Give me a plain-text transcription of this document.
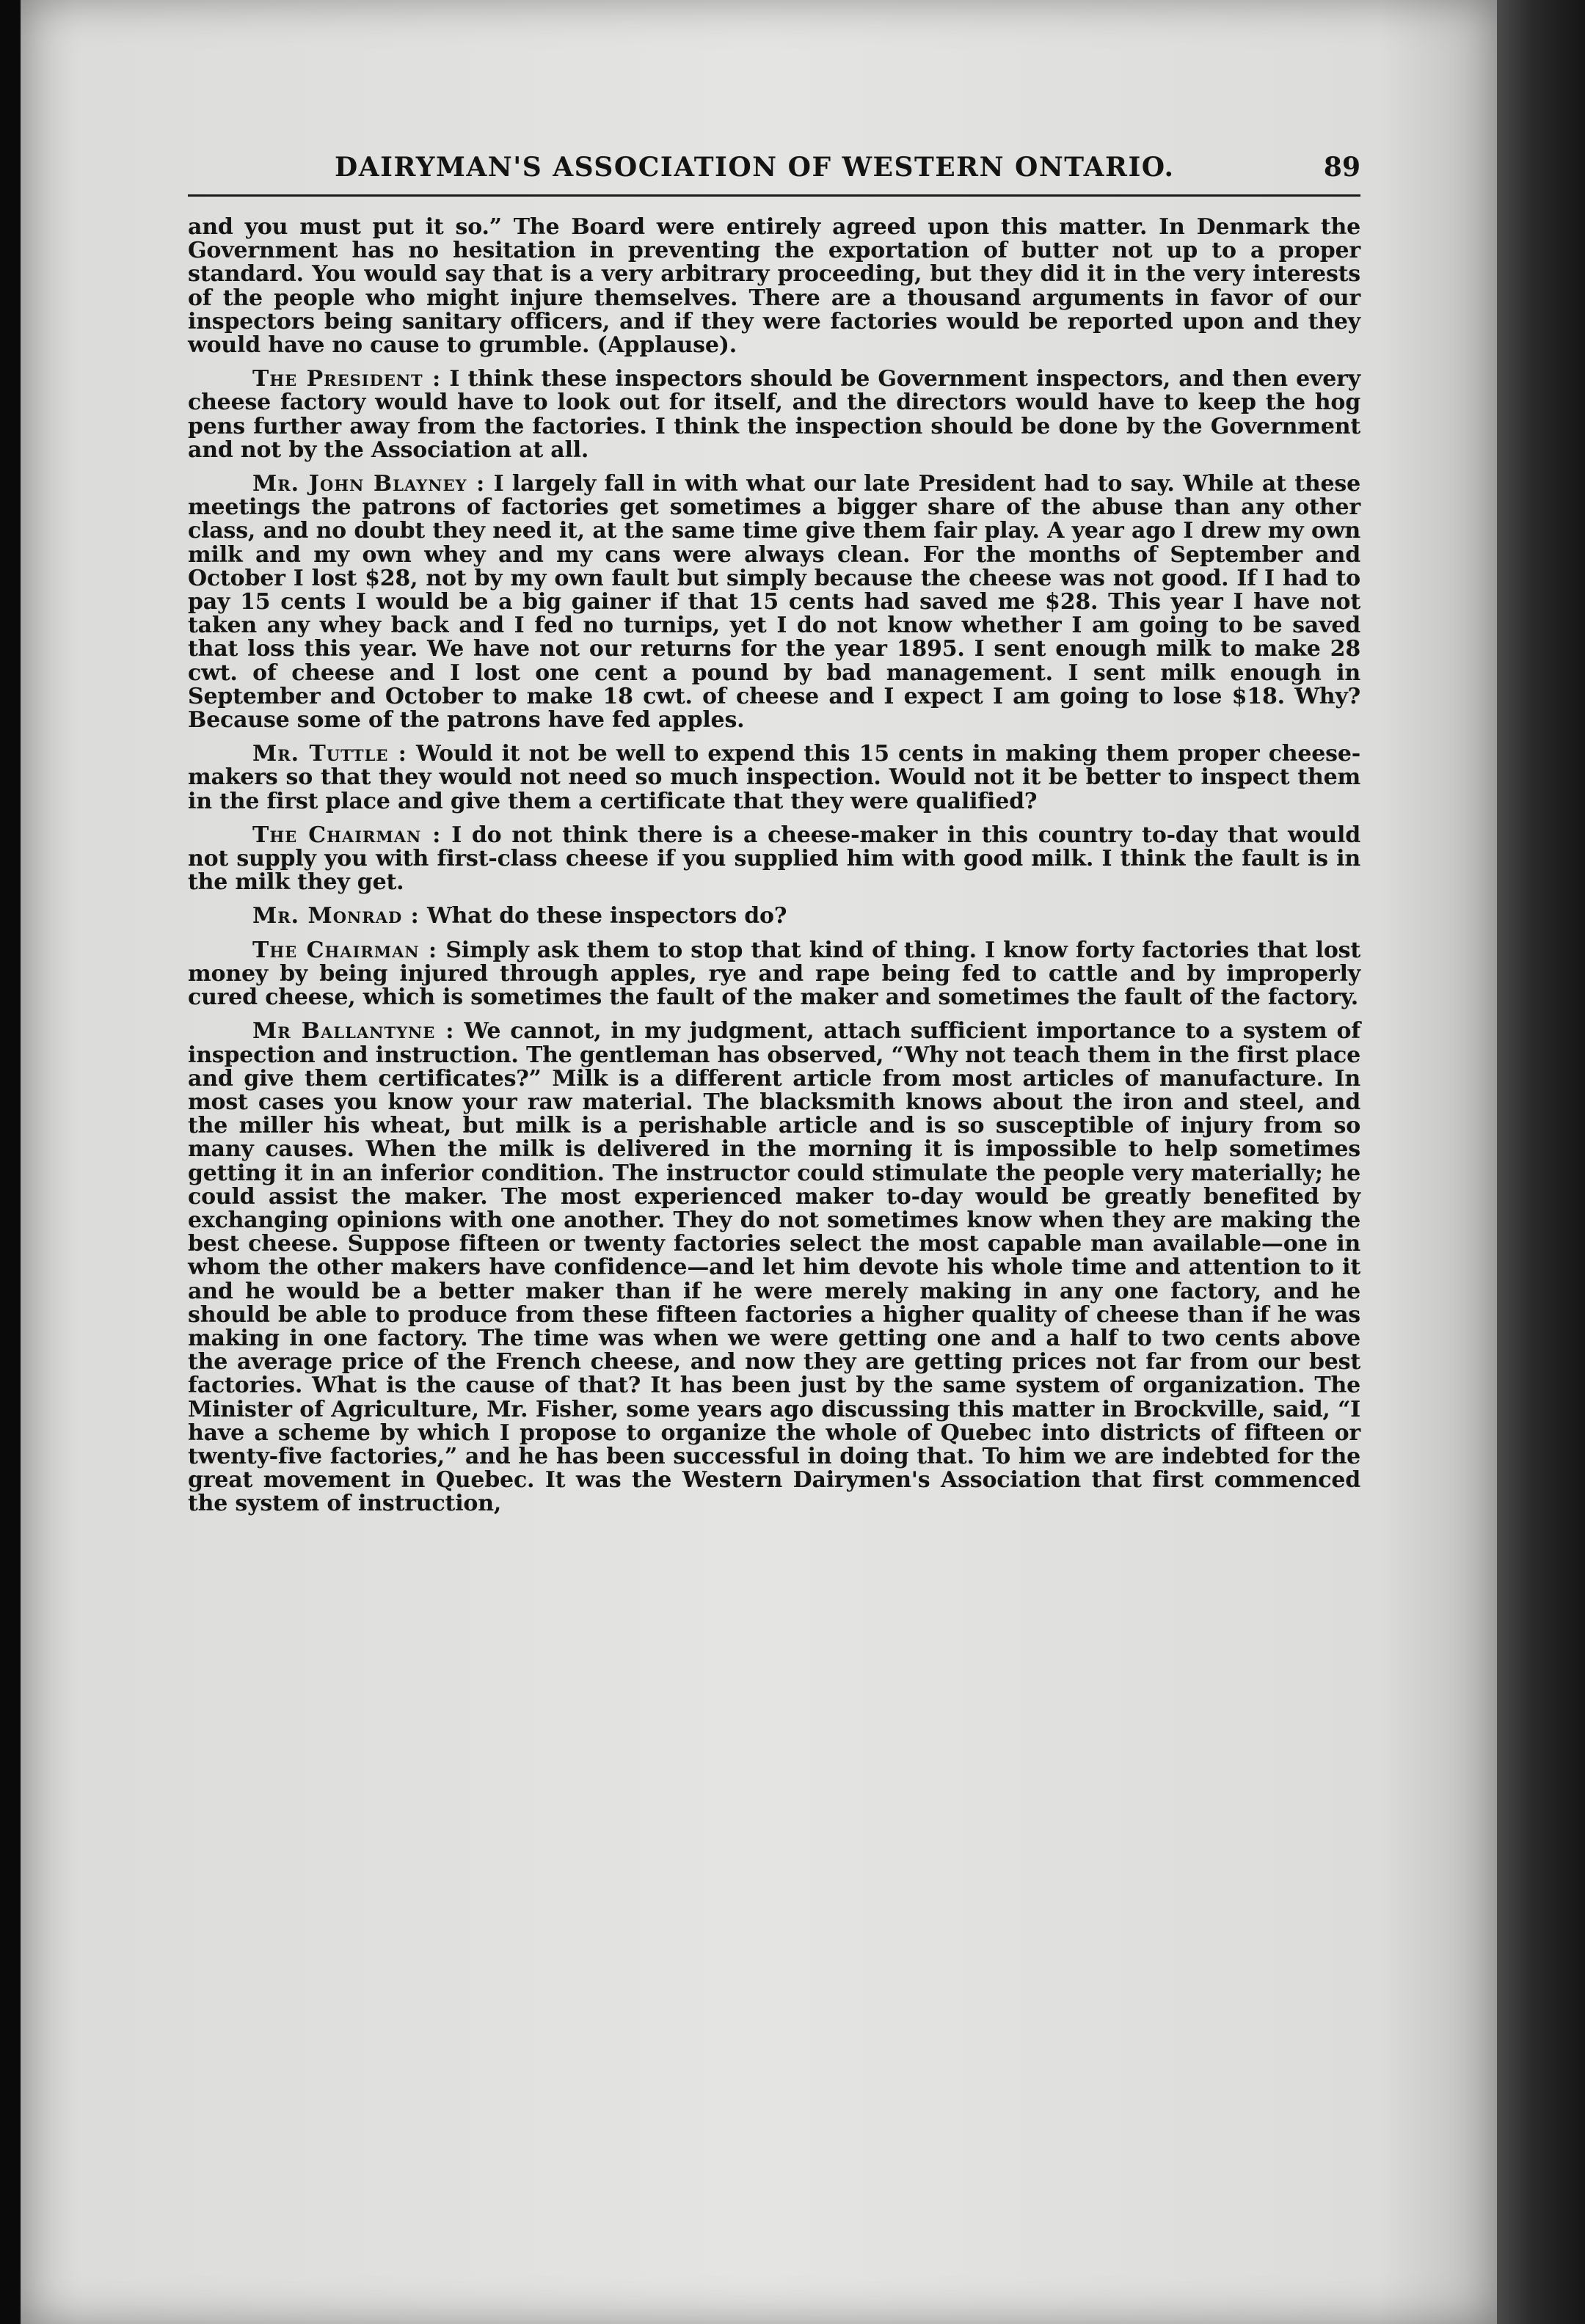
DAIRYMAN'S ASSOCIATION OF WESTERN ONTARIO.	89

and you must put it so.” The Board were entirely agreed upon this matter. In Denmark the Government has no hesitation in preventing the exportation of butter not up to a proper standard. You would say that is a very arbitrary proceeding, but they did it in the very interests of the people who might injure themselves. There are a thousand arguments in favor of our inspectors being sanitary officers, and if they were factories would be reported upon and they would have no cause to grumble. (Applause).

The President : I think these inspectors should be Government inspectors, and then every cheese factory would have to look out for itself, and the directors would have to keep the hog pens further away from the factories. I think the inspection should be done by the Government and not by the Association at all.

Mr. John Blayney : I largely fall in with what our late President had to say. While at these meetings the patrons of factories get sometimes a bigger share of the abuse than any other class, and no doubt they need it, at the same time give them fair play. A year ago I drew my own milk and my own whey and my cans were always clean. For the months of September and October I lost $28, not by my own fault but simply because the cheese was not good. If I had to pay 15 cents I would be a big gainer if that 15 cents had saved me $28. This year I have not taken any whey back and I fed no turnips, yet I do not know whether I am going to be saved that loss this year. We have not our returns for the year 1895. I sent enough milk to make 28 cwt. of cheese and I lost one cent a pound by bad management. I sent milk enough in September and October to make 18 cwt. of cheese and I expect I am going to lose $18. Why? Because some of the patrons have fed apples.

Mr. Tuttle : Would it not be well to expend this 15 cents in making them proper cheese-makers so that they would not need so much inspection. Would not it be better to inspect them in the first place and give them a certificate that they were qualified?

The Chairman : I do not think there is a cheese-maker in this country to-day that would not supply you with first-class cheese if you supplied him with good milk. I think the fault is in the milk they get.

Mr. Monrad : What do these inspectors do?

The Chairman : Simply ask them to stop that kind of thing. I know forty factories that lost money by being injured through apples, rye and rape being fed to cattle and by improperly cured cheese, which is sometimes the fault of the maker and sometimes the fault of the factory.

Mr Ballantyne : We cannot, in my judgment, attach sufficient importance to a system of inspection and instruction. The gentleman has observed, “Why not teach them in the first place and give them certificates?” Milk is a different article from most articles of manufacture. In most cases you know your raw material. The blacksmith knows about the iron and steel, and the miller his wheat, but milk is a perishable article and is so susceptible of injury from so many causes. When the milk is delivered in the morning it is impossible to help sometimes getting it in an inferior condition. The instructor could stimulate the people very materially; he could assist the maker. The most experienced maker to-day would be greatly benefited by exchanging opinions with one another. They do not sometimes know when they are making the best cheese. Suppose fifteen or twenty factories select the most capable man available—one in whom the other makers have confidence—and let him devote his whole time and attention to it and he would be a better maker than if he were merely making in any one factory, and he should be able to produce from these fifteen factories a higher quality of cheese than if he was making in one factory. The time was when we were getting one and a half to two cents above the average price of the French cheese, and now they are getting prices not far from our best factories. What is the cause of that? It has been just by the same system of organization. The Minister of Agriculture, Mr. Fisher, some years ago discussing this matter in Brockville, said, “I have a scheme by which I propose to organize the whole of Quebec into districts of fifteen or twenty-five factories,” and he has been successful in doing that. To him we are indebted for the great movement in Quebec. It was the Western Dairymen's Association that first commenced the system of instruction,
